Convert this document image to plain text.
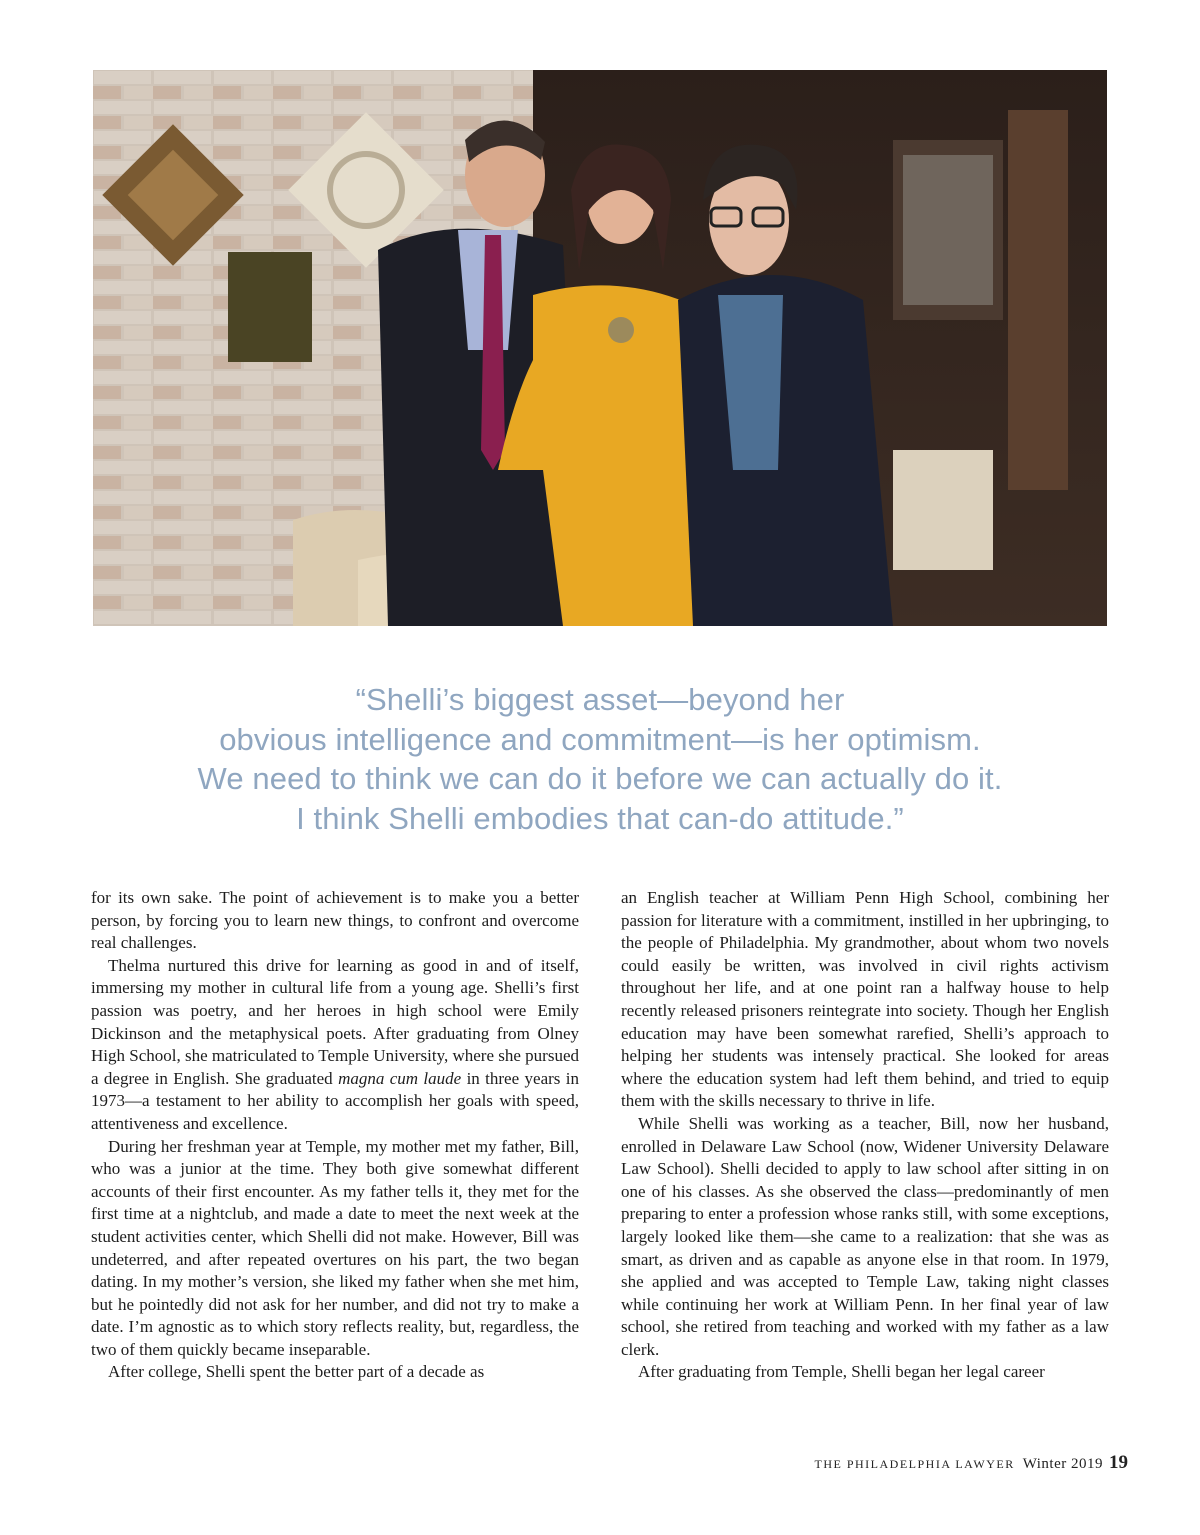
“Shelli’s biggest asset—beyond her
obvious intelligence and commitment—is her optimism.
We need to think we can do it before we can actually do it.
I think Shelli embodies that can-do attitude.”

for its own sake. The point of achievement is to make you a better person, by forcing you to learn new things, to confront and overcome real challenges.

Thelma nurtured this drive for learning as good in and of itself, immersing my mother in cultural life from a young age. Shelli’s first passion was poetry, and her heroes in high school were Emily Dickinson and the metaphysical poets. After graduating from Olney High School, she matriculated to Temple University, where she pursued a degree in English. She graduated magna cum laude in three years in 1973—a testament to her ability to accomplish her goals with speed, attentiveness and excellence.

During her freshman year at Temple, my mother met my father, Bill, who was a junior at the time. They both give somewhat different accounts of their first encounter. As my father tells it, they met for the first time at a nightclub, and made a date to meet the next week at the student activities center, which Shelli did not make. However, Bill was undeterred, and after repeated overtures on his part, the two began dating. In my mother’s version, she liked my father when she met him, but he pointedly did not ask for her number, and did not try to make a date. I’m agnostic as to which story reflects reality, but, regardless, the two of them quickly became inseparable.

After college, Shelli spent the better part of a decade as

an English teacher at William Penn High School, combining her passion for literature with a commitment, instilled in her upbringing, to the people of Philadelphia. My grandmother, about whom two novels could easily be written, was involved in civil rights activism throughout her life, and at one point ran a halfway house to help recently released prisoners reintegrate into society. Though her English education may have been somewhat rarefied, Shelli’s approach to helping her students was intensely practical. She looked for areas where the education system had left them behind, and tried to equip them with the skills necessary to thrive in life.

While Shelli was working as a teacher, Bill, now her husband, enrolled in Delaware Law School (now, Widener University Delaware Law School). Shelli decided to apply to law school after sitting in on one of his classes. As she observed the class—predominantly of men preparing to enter a profession whose ranks still, with some exceptions, largely looked like them—she came to a realization: that she was as smart, as driven and as capable as anyone else in that room. In 1979, she applied and was accepted to Temple Law, taking night classes while continuing her work at William Penn. In her final year of law school, she retired from teaching and worked with my father as a law clerk.

After graduating from Temple, Shelli began her legal career

THE PHILADELPHIA LAWYER Winter 2019 19
